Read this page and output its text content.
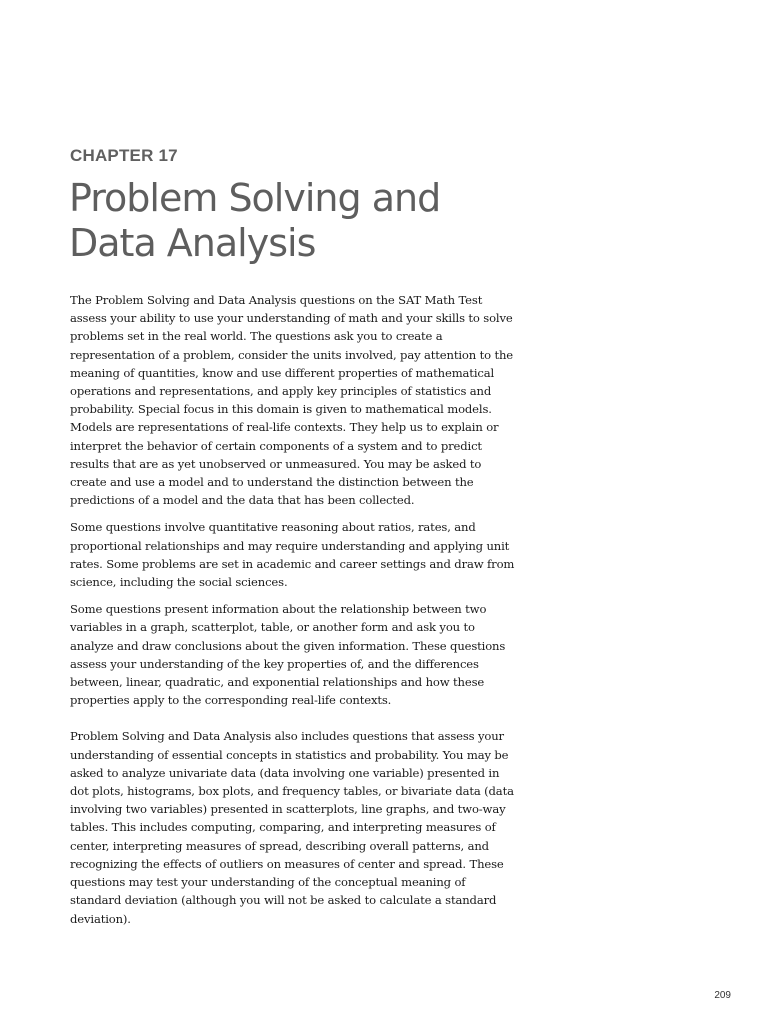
CHAPTER 17
Problem Solving and
Data Analysis

The Problem Solving and Data Analysis questions on the SAT Math Test assess your ability to use your understanding of math and your skills to solve problems set in the real world. The questions ask you to create a representation of a problem, consider the units involved, pay attention to the meaning of quantities, know and use different properties of mathematical operations and representations, and apply key principles of statistics and probability. Special focus in this domain is given to mathematical models. Models are representations of real-life contexts. They help us to explain or interpret the behavior of certain components of a system and to predict results that are as yet unobserved or unmeasured. You may be asked to create and use a model and to understand the distinction between the predictions of a model and the data that has been collected.

Some questions involve quantitative reasoning about ratios, rates, and proportional relationships and may require understanding and applying unit rates. Some problems are set in academic and career settings and draw from science, including the social sciences.

Some questions present information about the relationship between two variables in a graph, scatterplot, table, or another form and ask you to analyze and draw conclusions about the given information. These questions assess your understanding of the key properties of, and the differences between, linear, quadratic, and exponential relationships and how these properties apply to the corresponding real-life contexts.

Problem Solving and Data Analysis also includes questions that assess your understanding of essential concepts in statistics and probability. You may be asked to analyze univariate data (data involving one variable) presented in dot plots, histograms, box plots, and frequency tables, or bivariate data (data involving two variables) presented in scatterplots, line graphs, and two-way tables. This includes computing, comparing, and interpreting measures of center, interpreting measures of spread, describing overall patterns, and recognizing the effects of outliers on measures of center and spread. These questions may test your understanding of the conceptual meaning of standard deviation (although you will not be asked to calculate a standard deviation).

209
